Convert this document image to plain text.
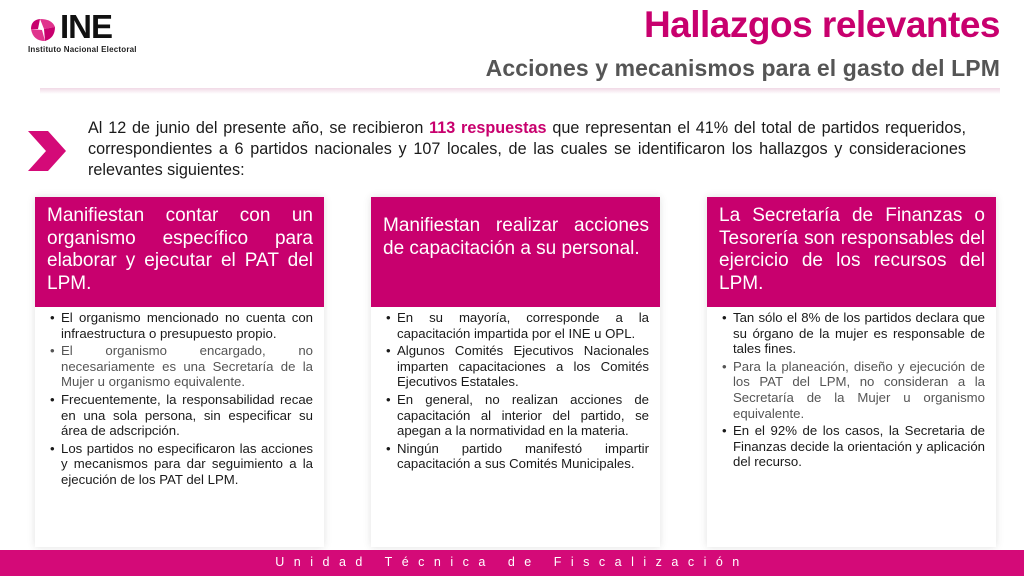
INE
Instituto Nacional Electoral
Hallazgos relevantes
Acciones y mecanismos para el gasto del LPM
Al 12 de junio del presente año, se recibieron 113 respuestas que representan el 41% del total de partidos requeridos, correspondientes a 6 partidos nacionales y 107 locales, de las cuales se identificaron los hallazgos y consideraciones relevantes siguientes:
Manifiestan contar con un organismo específico para elaborar y ejecutar el PAT del LPM.
• El organismo mencionado no cuenta con infraestructura o presupuesto propio.
• El organismo encargado, no necesariamente es una Secretaría de la Mujer u organismo equivalente.
• Frecuentemente, la responsabilidad recae en una sola persona, sin especificar su área de adscripción.
• Los partidos no especificaron las acciones y mecanismos para dar seguimiento a la ejecución de los PAT del LPM.
Manifiestan realizar acciones de capacitación a su personal.
• En su mayoría, corresponde a la capacitación impartida por el INE u OPL.
• Algunos Comités Ejecutivos Nacionales imparten capacitaciones a los Comités Ejecutivos Estatales.
• En general, no realizan acciones de capacitación al interior del partido, se apegan a la normatividad en la materia.
• Ningún partido manifestó impartir capacitación a sus Comités Municipales.
La Secretaría de Finanzas o Tesorería son responsables del ejercicio de los recursos del LPM.
• Tan sólo el 8% de los partidos declara que su órgano de la mujer es responsable de tales fines.
• Para la planeación, diseño y ejecución de los PAT del LPM, no consideran a la Secretaría de la Mujer u organismo equivalente.
• En el 92% de los casos, la Secretaria de Finanzas decide la orientación y aplicación del recurso.
Unidad Técnica de Fiscalización
